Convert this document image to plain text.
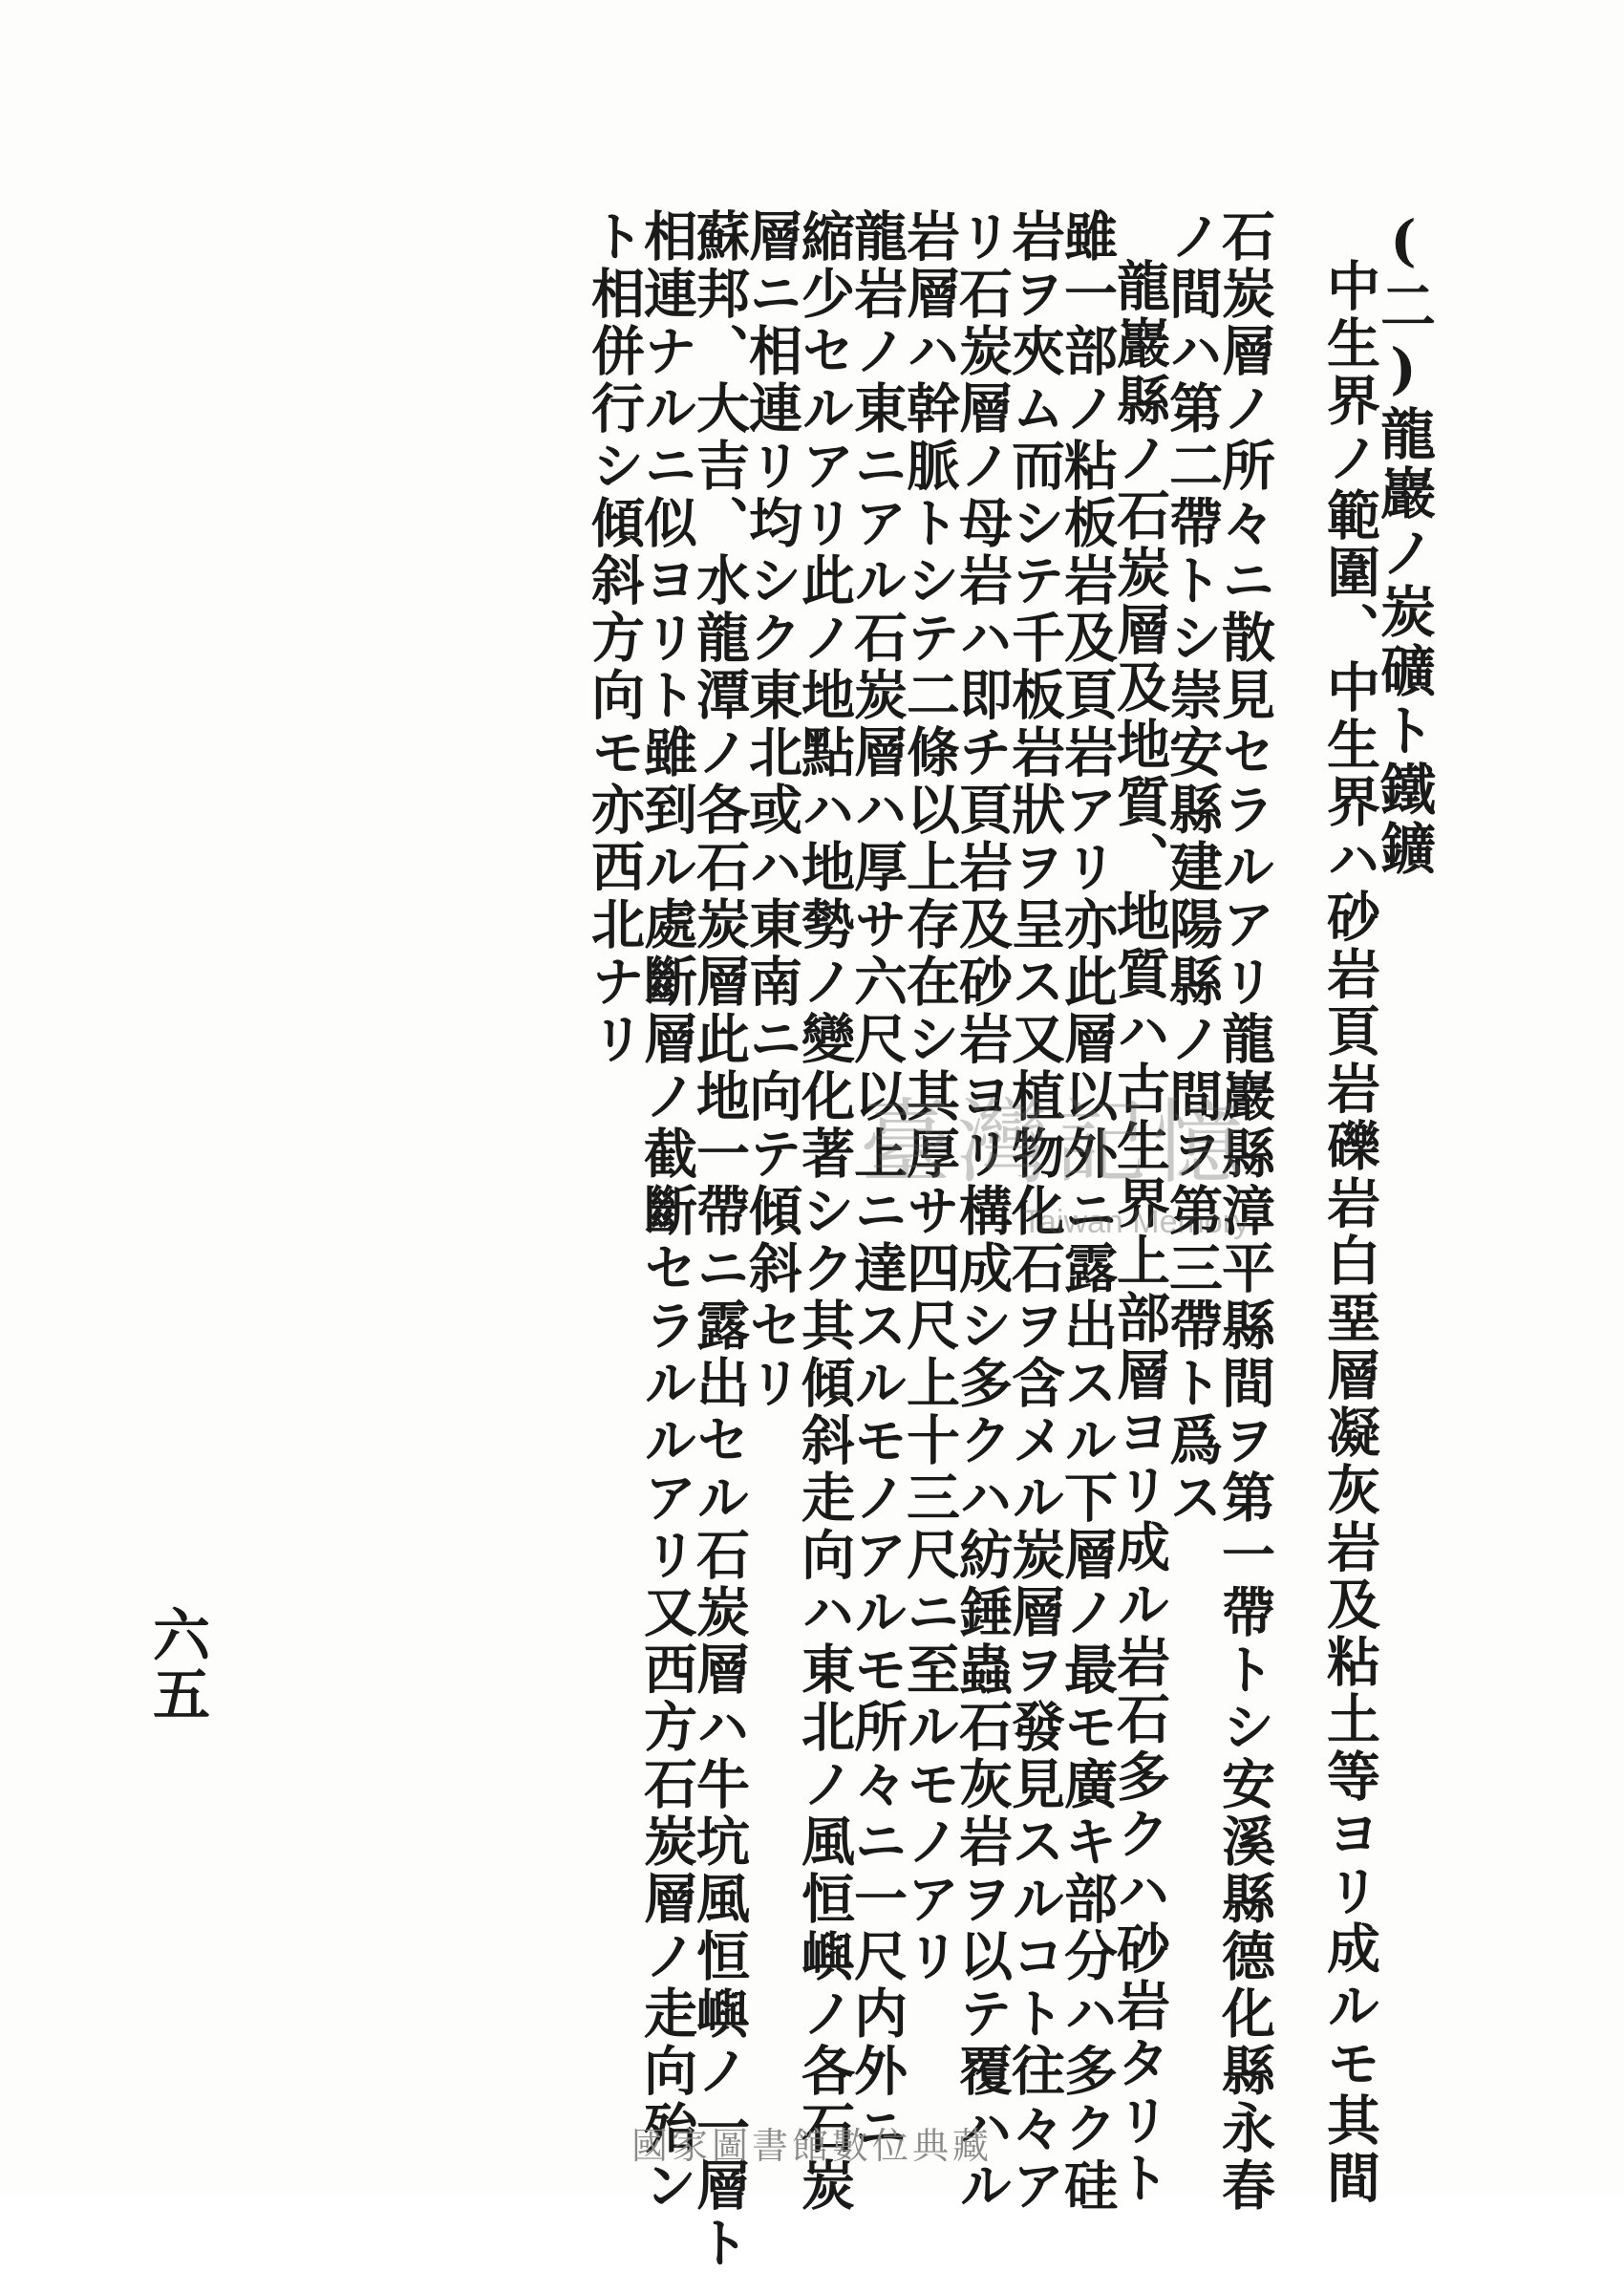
(二)龍巖ノ炭礦ト鐵鑛
中生界ノ範圍、中生界ハ砂岩頁岩礫岩白堊層凝灰岩及粘土等ヨリ成ルモ其間
石炭層ノ所々ニ散見セラルアリ龍巖縣漳平縣間ヲ第一帶トシ安溪縣德化縣永春
ノ間ハ第二帶トシ崇安縣建陽縣ノ間ヲ第三帶ト爲ス
龍巖縣ノ石炭層及地質、地質ハ古生界上部層ヨリ成ル岩石多クハ砂岩タリト
雖一部ノ粘板岩及頁岩アリ亦此層以外ニ露出スル下層ノ最モ廣キ部分ハ多ク硅
岩ヲ夾ム而シテ千板岩狀ヲ呈ス又植物化石ヲ含メル炭層ヲ發見スルコト往々ア
リ石炭層ノ母岩ハ即チ頁岩及砂岩ヨリ構成シ多クハ紡錘蟲石灰岩ヲ以テ覆ハル
岩層ハ幹脈トシテ二條以上存在シ其厚サ四尺上十三尺ニ至ルモノアリ
龍岩ノ東ニアル石炭層ハ厚サ六尺以上ニ達スルモノアルモ所々ニ一尺内外ニ
縮少セルアリ此ノ地點ハ地勢ノ變化著シク其傾斜走向ハ東北ノ風恒嶼ノ各石炭
層ニ相連リ均シク東北或ハ東南ニ向テ傾斜セリ
蘇邦、大吉、水龍潭ノ各石炭層此地一帶ニ露出セル石炭層ハ牛坑風恒嶼ノ一層ト
相連ナルニ似ヨリト雖到ル處斷層ノ截斷セラルルアリ又西方石炭層ノ走向殆ン
ト相併行シ傾斜方向モ亦西北ナリ
六五
臺灣記憶
Taiwan Memory
國家圖書館數位典藏
